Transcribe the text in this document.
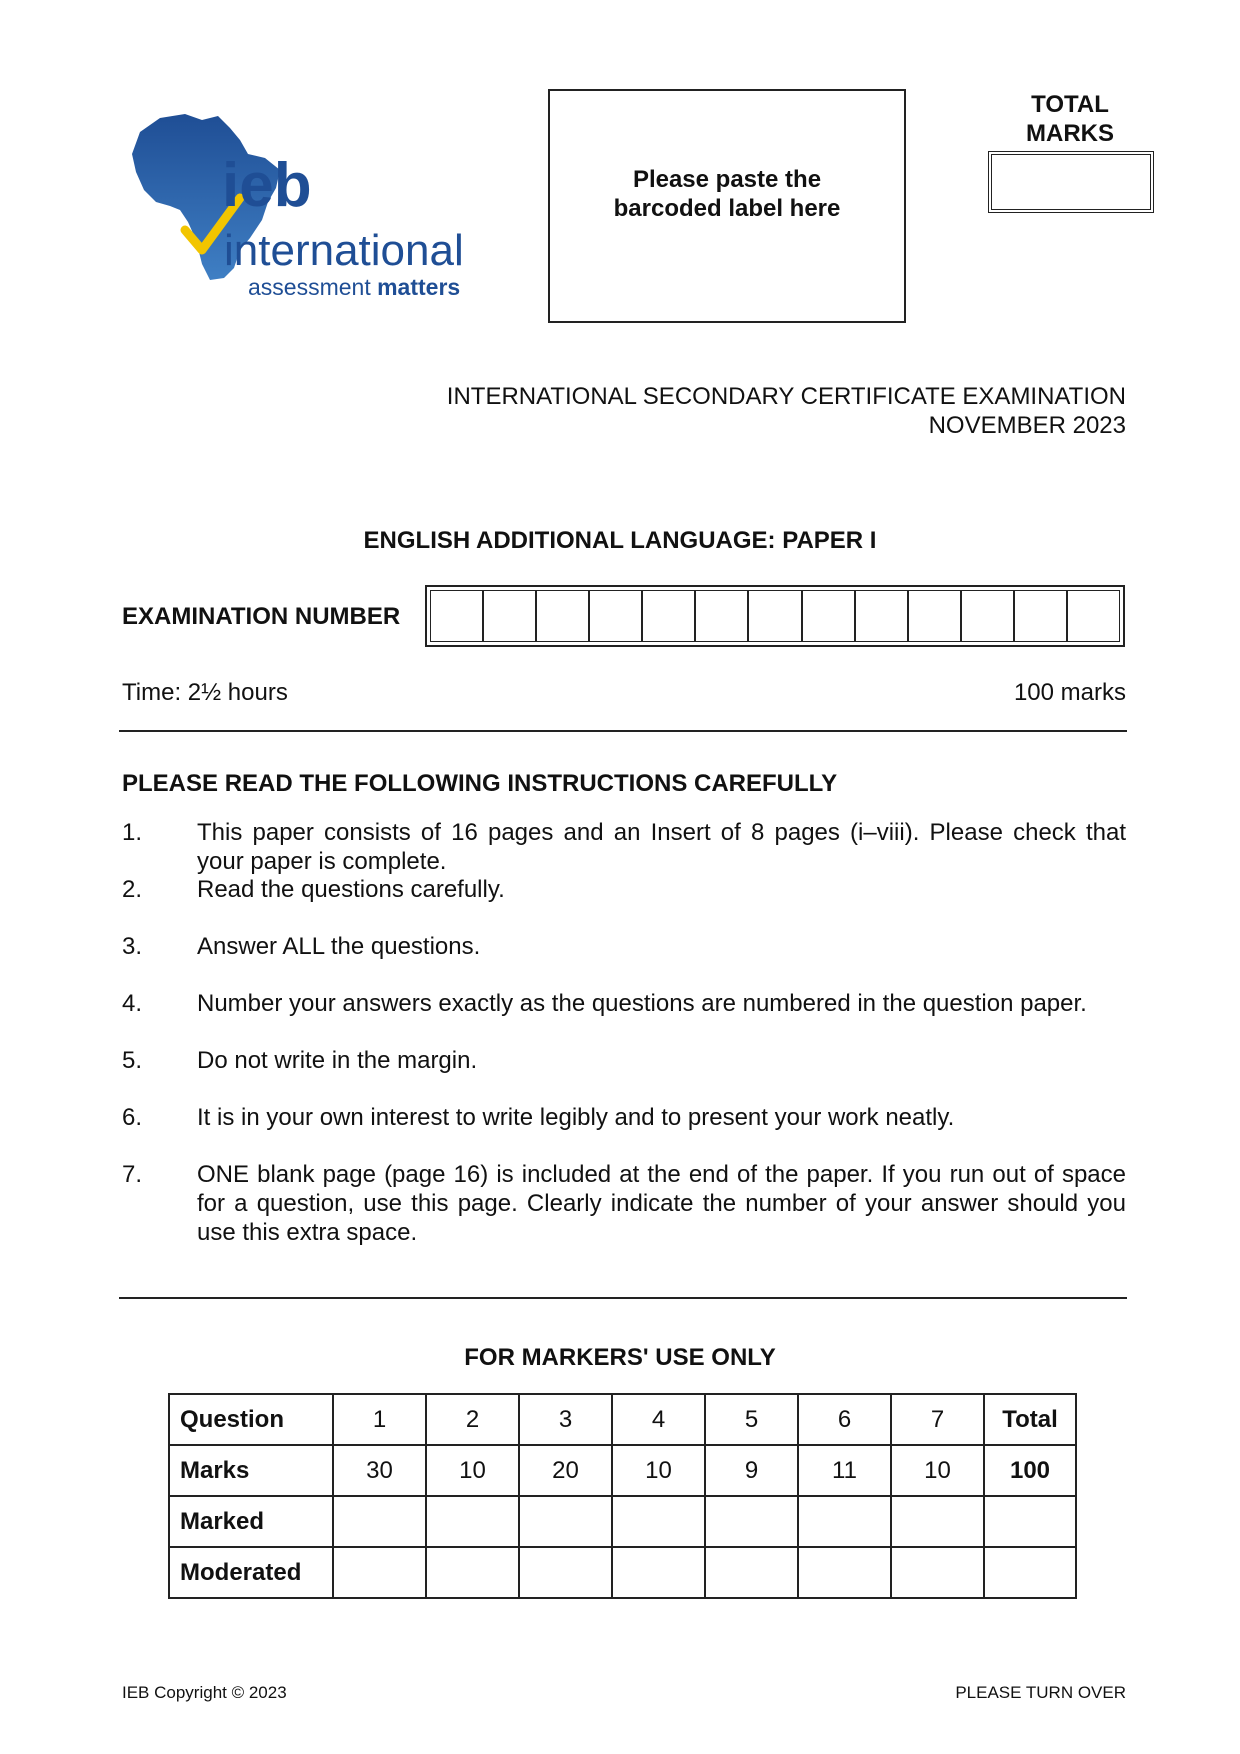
ieb
international
assessment matters
Please paste the barcoded label here
TOTAL
MARKS
INTERNATIONAL SECONDARY CERTIFICATE EXAMINATION
NOVEMBER 2023
ENGLISH ADDITIONAL LANGUAGE: PAPER I
EXAMINATION NUMBER
Time: 2½ hours	100 marks
PLEASE READ THE FOLLOWING INSTRUCTIONS CAREFULLY
1. This paper consists of 16 pages and an Insert of 8 pages (i–viii). Please check that your paper is complete.
2. Read the questions carefully.
3. Answer ALL the questions.
4. Number your answers exactly as the questions are numbered in the question paper.
5. Do not write in the margin.
6. It is in your own interest to write legibly and to present your work neatly.
7. ONE blank page (page 16) is included at the end of the paper. If you run out of space for a question, use this page. Clearly indicate the number of your answer should you use this extra space.
FOR MARKERS' USE ONLY
Question	1	2	3	4	5	6	7	Total
Marks	30	10	20	10	9	11	10	100
Marked								
Moderated								
IEB Copyright © 2023	PLEASE TURN OVER
